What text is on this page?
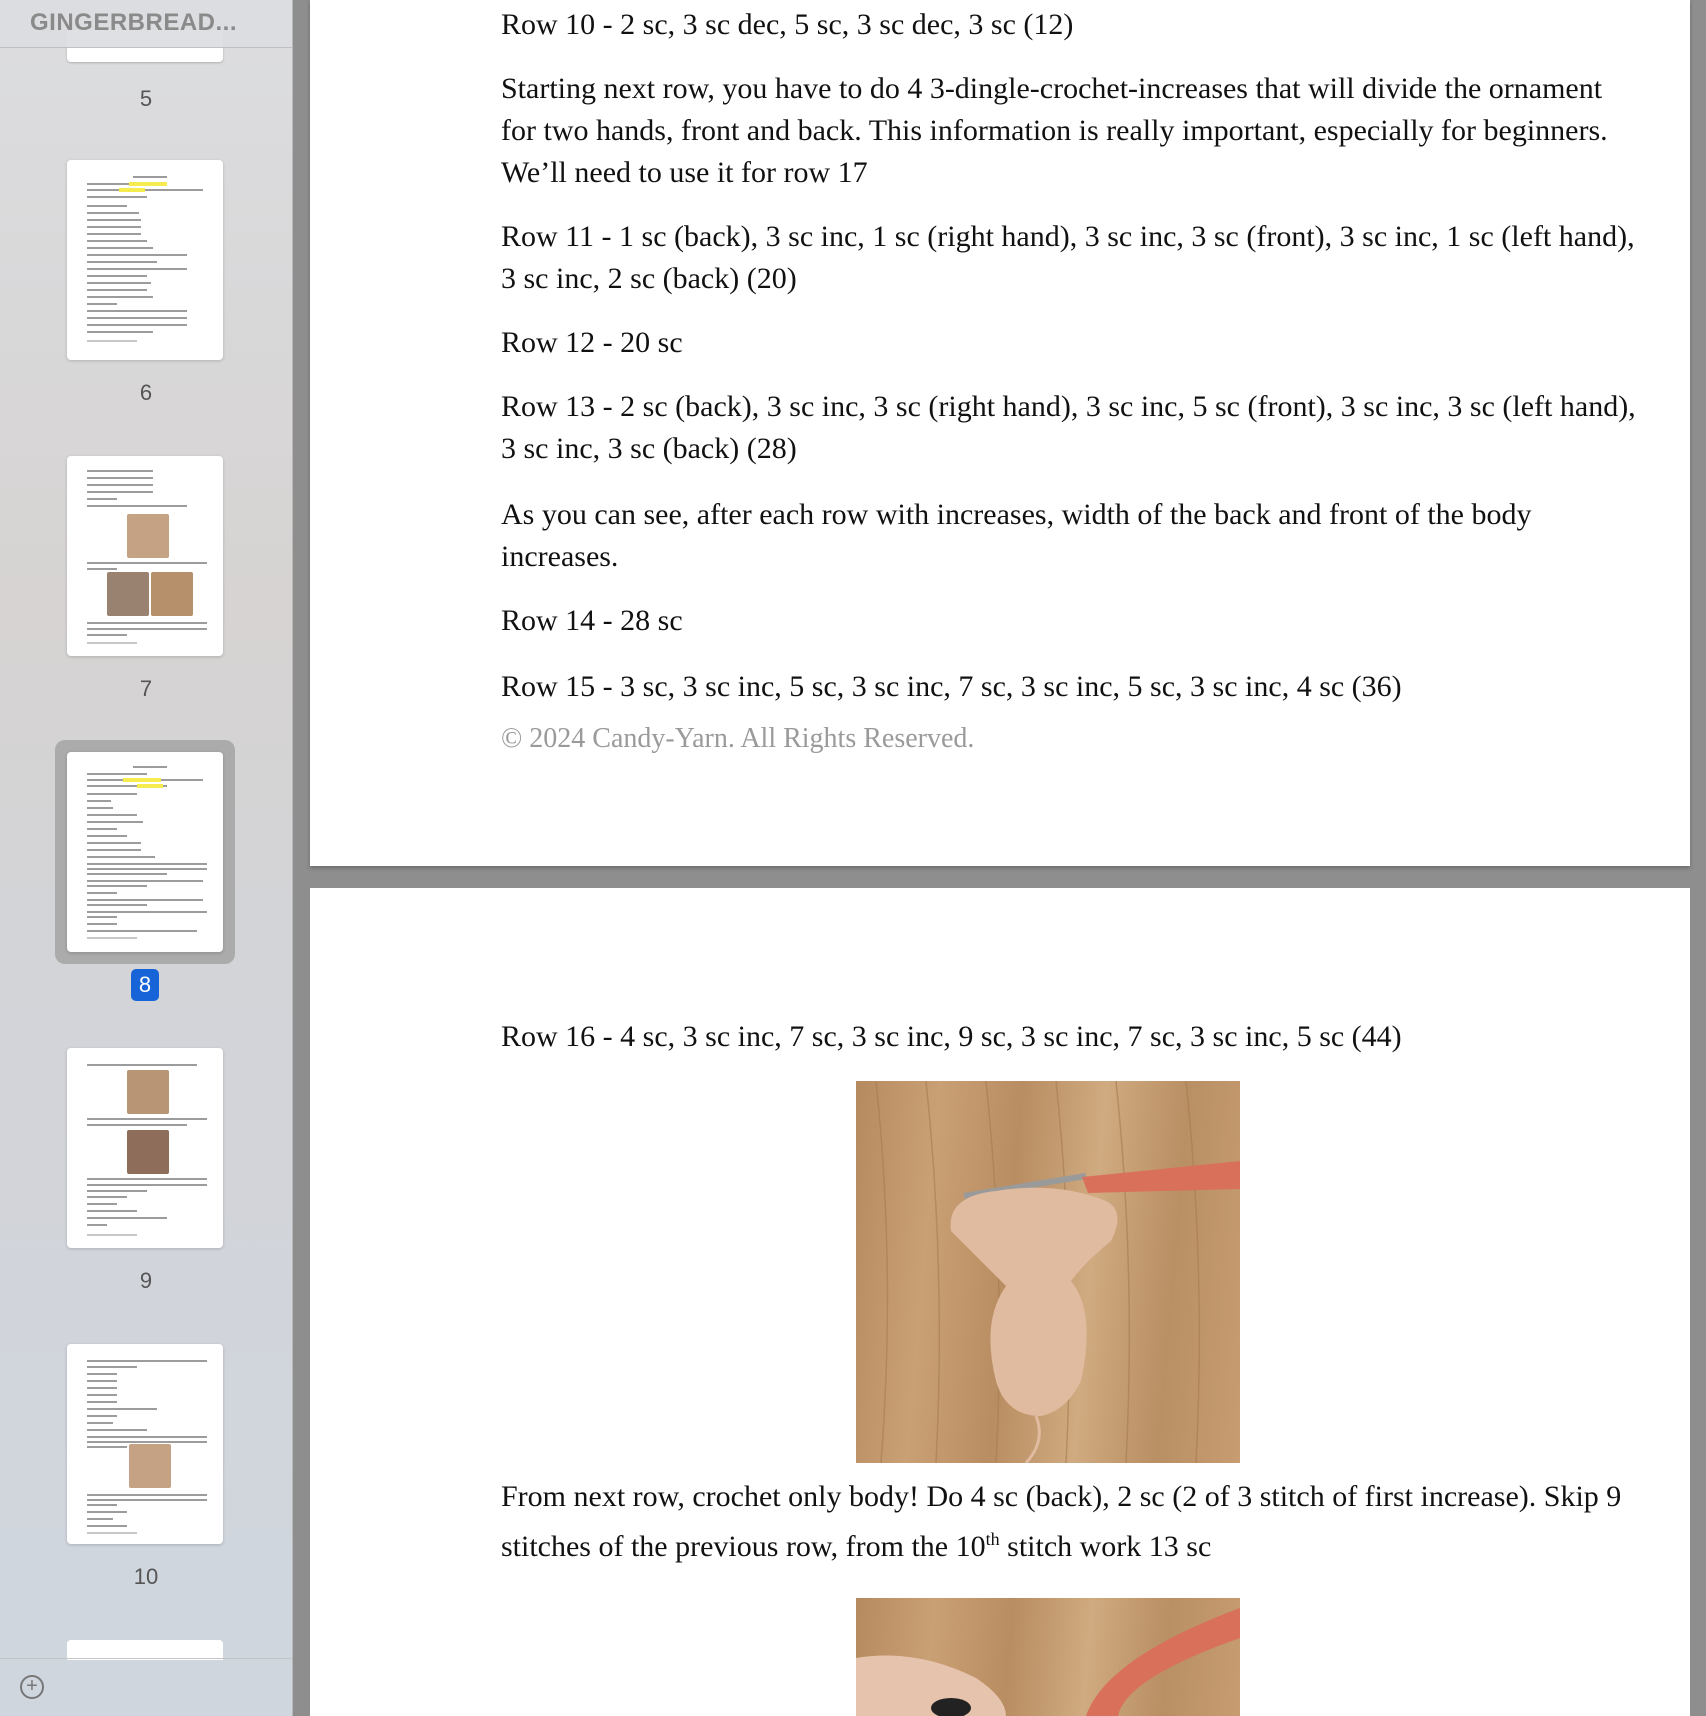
GINGERBREAD...
5
6
7
8
9
10
+

Row 10 - 2 sc, 3 sc dec, 5 sc, 3 sc dec, 3 sc (12)

Starting next row, you have to do 4 3-dingle-crochet-increases that will divide the ornament for two hands, front and back. This information is really important, especially for beginners. We’ll need to use it for row 17

Row 11 - 1 sc (back), 3 sc inc, 1 sc (right hand), 3 sc inc, 3 sc (front), 3 sc inc, 1 sc (left hand), 3 sc inc, 2 sc (back) (20)

Row 12 - 20 sc

Row 13 - 2 sc (back), 3 sc inc, 3 sc (right hand), 3 sc inc, 5 sc (front), 3 sc inc, 3 sc (left hand), 3 sc inc, 3 sc (back) (28)

As you can see, after each row with increases, width of the back and front of the body increases.

Row 14 - 28 sc

Row 15 - 3 sc, 3 sc inc, 5 sc, 3 sc inc, 7 sc, 3 sc inc, 5 sc, 3 sc inc, 4 sc (36)

© 2024 Candy-Yarn. All Rights Reserved.

Row 16 - 4 sc, 3 sc inc, 7 sc, 3 sc inc, 9 sc, 3 sc inc, 7 sc, 3 sc inc, 5 sc (44)

From next row, crochet only body! Do 4 sc (back), 2 sc (2 of 3 stitch of first increase). Skip 9 stitches of the previous row, from the 10th stitch work 13 sc
